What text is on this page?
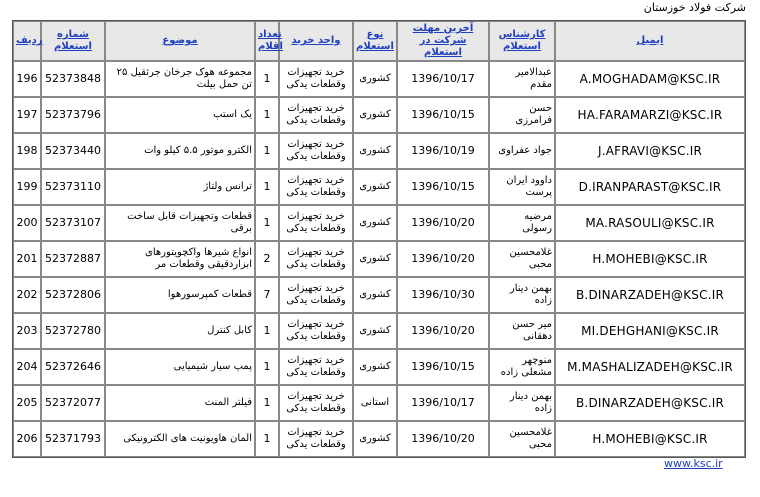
شرکت فولاد خوزستان
ردیف	شماره استعلام	موضوع	تعداد اقلام	واحد خرید	نوع استعلام	آخرین مهلت شرکت در استعلام	کارشناس استعلام	ایمیل
196	52373848	مجموعه هوک جرخان جرثقیل ۲۵ تن حمل بیلت	1	خرید تجهیزات وقطعات یدکی	کشوری	1396/10/17	عبدالامیر مقدم	A.MOGHADAM@KSC.IR
197	52373796	یک استپ	1	خرید تجهیزات وقطعات یدکی	کشوری	1396/10/15	حسن فرامرزی	HA.FARAMARZI@KSC.IR
198	52373440	الکترو موتور ۵.۵ کیلو وات	1	خرید تجهیزات وقطعات یدکی	کشوری	1396/10/19	جواد عفراوی	J.AFRAVI@KSC.IR
199	52373110	ترانس ولتاژ	1	خرید تجهیزات وقطعات یدکی	کشوری	1396/10/15	داوود ایران پرست	D.IRANPARAST@KSC.IR
200	52373107	قطعات وتجهیزات قابل ساخت برقی	1	خرید تجهیزات وقطعات یدکی	کشوری	1396/10/20	مرضیه رسولی	MA.RASOULI@KSC.IR
201	52372887	انواع شیرها واکچویتورهای ابزاردقیقی وقطعات مر	2	خرید تجهیزات وقطعات یدکی	کشوری	1396/10/20	غلامحسین محبی	H.MOHEBI@KSC.IR
202	52372806	قطعات کمپرسورهوا	7	خرید تجهیزات وقطعات یدکی	کشوری	1396/10/30	بهمن دینار زاده	B.DINARZADEH@KSC.IR
203	52372780	کابل کنترل	1	خرید تجهیزات وقطعات یدکی	کشوری	1396/10/20	میر حسن دهقانی	MI.DEHGHANI@KSC.IR
204	52372646	پمپ سیار شیمیایی	1	خرید تجهیزات وقطعات یدکی	کشوری	1396/10/15	منوچهر مشعلی زاده	M.MASHALIZADEH@KSC.IR
205	52372077	فیلتر المنت	1	خرید تجهیزات وقطعات یدکی	استانی	1396/10/17	بهمن دینار زاده	B.DINARZADEH@KSC.IR
206	52371793	المان هاویونیت های الکترونیکی	1	خرید تجهیزات وقطعات یدکی	کشوری	1396/10/20	غلامحسین محبی	H.MOHEBI@KSC.IR
www.ksc.ir
